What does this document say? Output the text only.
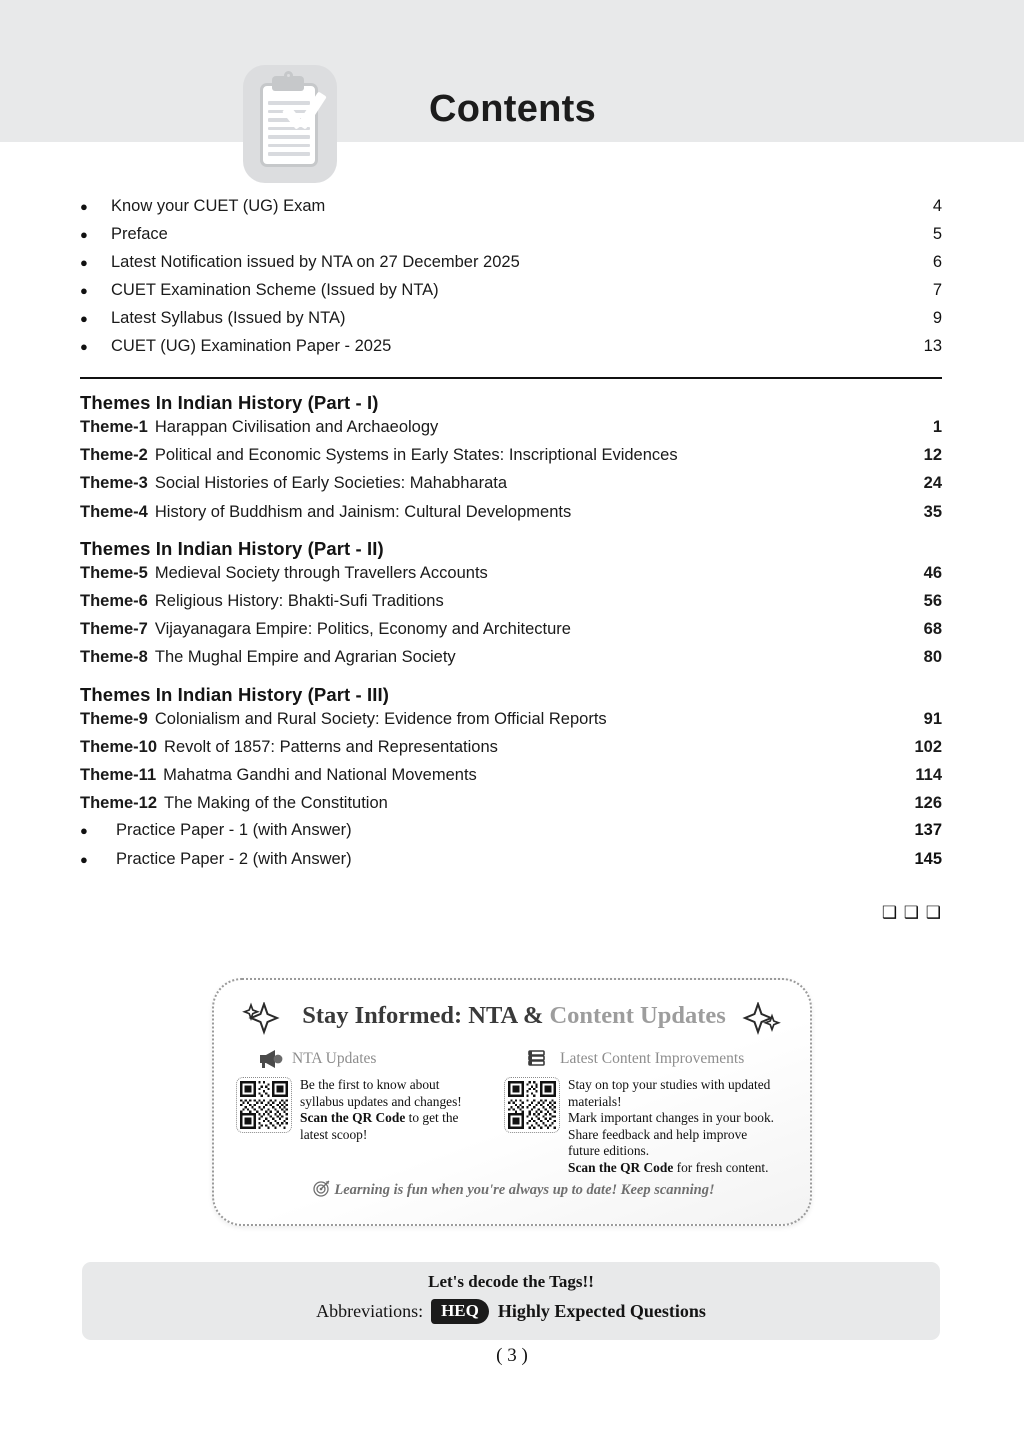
Contents
●	Know your CUET (UG) Exam	4
●	Preface	5
●	Latest Notification issued by NTA on 27 December 2025	6
●	CUET Examination Scheme (Issued by NTA)	7
●	Latest Syllabus (Issued by NTA)	9
●	CUET (UG) Examination Paper - 2025	13
Themes In Indian History (Part - I)
Theme-1 Harappan Civilisation and Archaeology	1
Theme-2 Political and Economic Systems in Early States: Inscriptional Evidences	12
Theme-3 Social Histories of Early Societies: Mahabharata	24
Theme-4 History of Buddhism and Jainism: Cultural Developments	35
Themes In Indian History (Part - II)
Theme-5 Medieval Society through Travellers Accounts	46
Theme-6 Religious History: Bhakti-Sufi Traditions	56
Theme-7 Vijayanagara Empire: Politics, Economy and Architecture	68
Theme-8 The Mughal Empire and Agrarian Society	80
Themes In Indian History (Part - III)
Theme-9 Colonialism and Rural Society: Evidence from Official Reports	91
Theme-10 Revolt of 1857: Patterns and Representations	102
Theme-11 Mahatma Gandhi and National Movements	114
Theme-12 The Making of the Constitution	126
●	Practice Paper - 1 (with Answer)	137
●	Practice Paper - 2 (with Answer)	145
❑ ❑ ❑
Stay Informed: NTA & Content Updates
NTA Updates
Be the first to know about
syllabus updates and changes!
Scan the QR Code to get the
latest scoop!
Latest Content Improvements
Stay on top your studies with updated
materials!
Mark important changes in your book.
Share feedback and help improve
future editions.
Scan the QR Code for fresh content.
Learning is fun when you're always up to date! Keep scanning!
Let's decode the Tags!!
Abbreviations:	HEQ	Highly Expected Questions
( 3 )
